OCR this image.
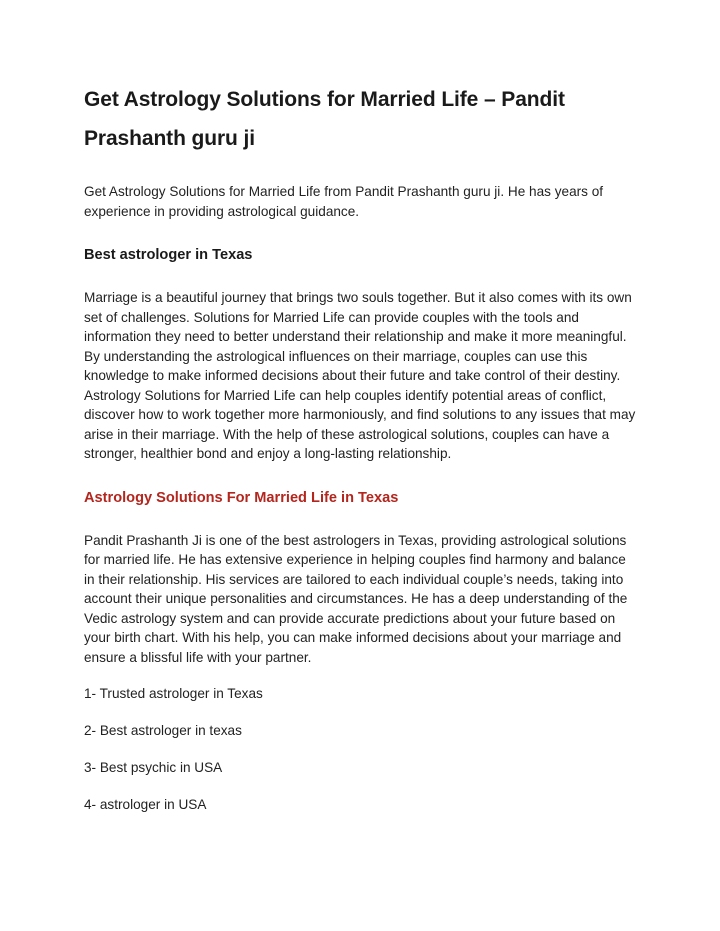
Get Astrology Solutions for Married Life – Pandit Prashanth guru ji

Get Astrology Solutions for Married Life from Pandit Prashanth guru ji. He has years of experience in providing astrological guidance.

Best astrologer in Texas

Marriage is a beautiful journey that brings two souls together. But it also comes with its own set of challenges. Solutions for Married Life can provide couples with the tools and information they need to better understand their relationship and make it more meaningful. By understanding the astrological influences on their marriage, couples can use this knowledge to make informed decisions about their future and take control of their destiny. Astrology Solutions for Married Life can help couples identify potential areas of conflict, discover how to work together more harmoniously, and find solutions to any issues that may arise in their marriage. With the help of these astrological solutions, couples can have a stronger, healthier bond and enjoy a long-lasting relationship.

Astrology Solutions For Married Life in Texas

Pandit Prashanth Ji is one of the best astrologers in Texas, providing astrological solutions for married life. He has extensive experience in helping couples find harmony and balance in their relationship. His services are tailored to each individual couple’s needs, taking into account their unique personalities and circumstances. He has a deep understanding of the Vedic astrology system and can provide accurate predictions about your future based on your birth chart. With his help, you can make informed decisions about your marriage and ensure a blissful life with your partner.

1- Trusted astrologer in Texas
2- Best astrologer in texas
3- Best psychic in USA
4- astrologer in USA
